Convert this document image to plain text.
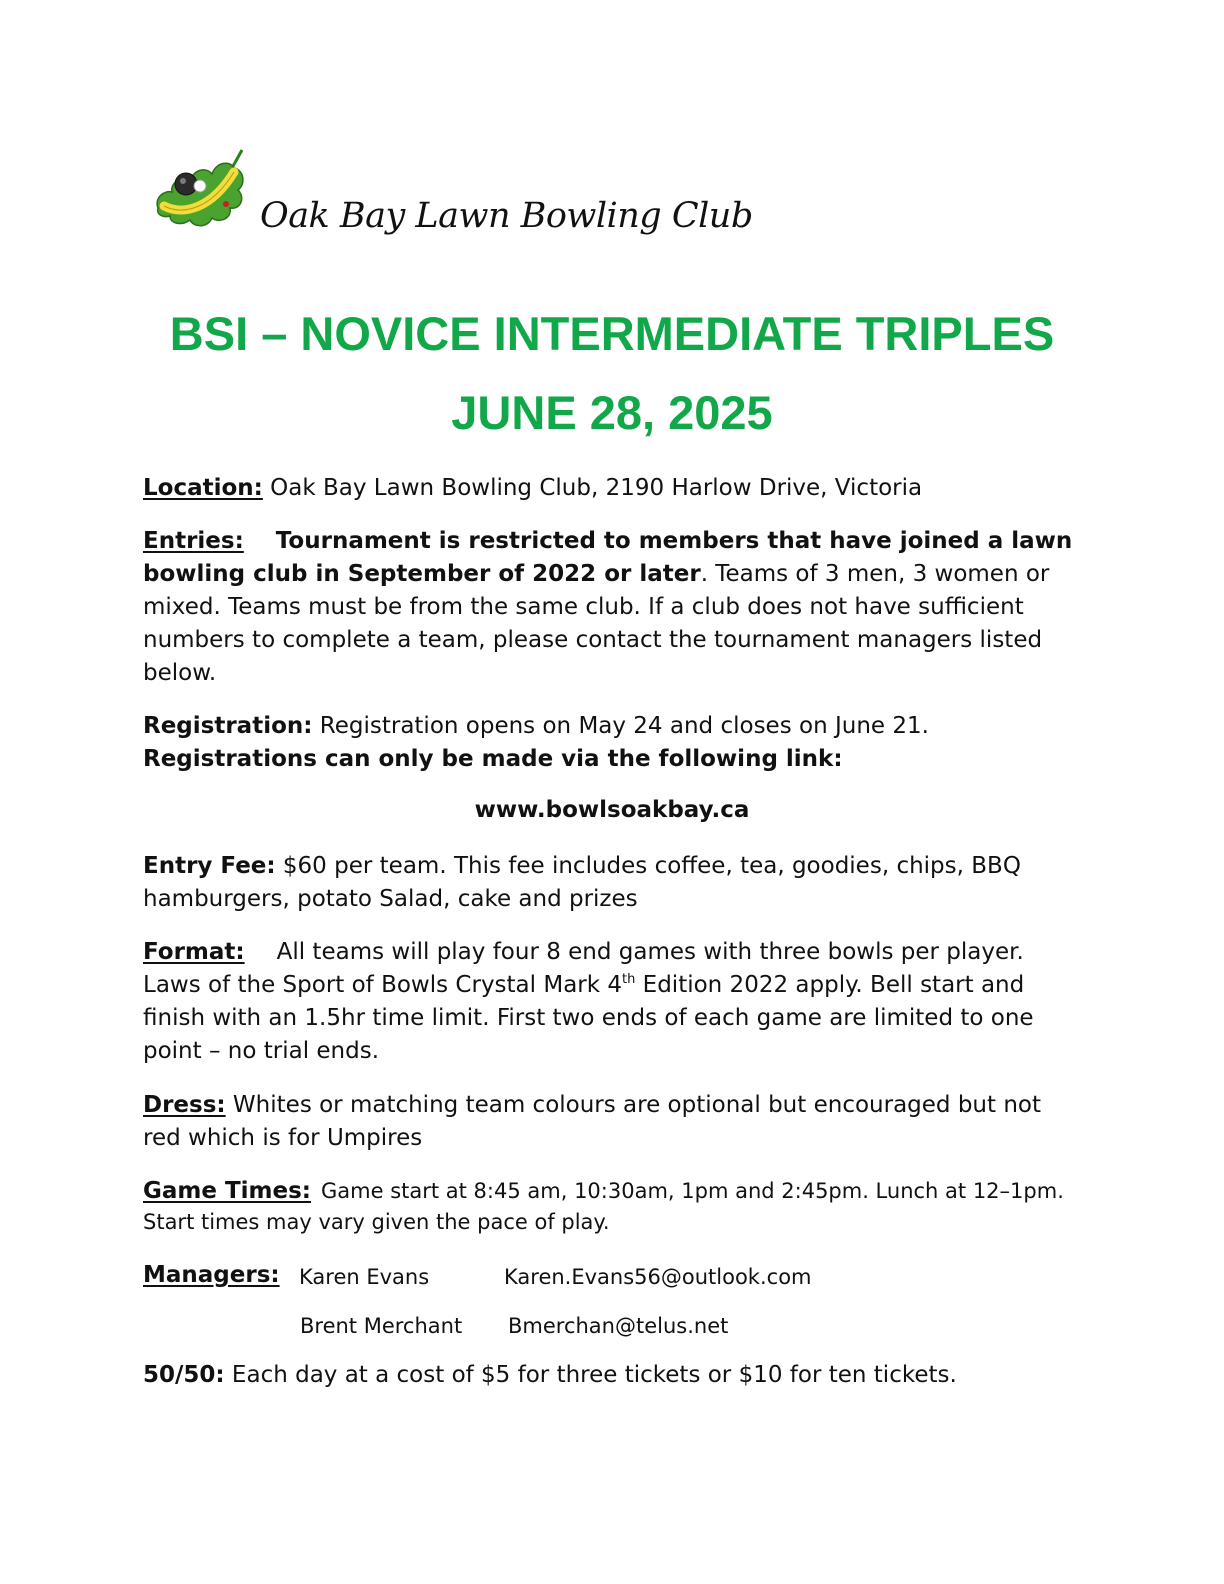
Oak Bay Lawn Bowling Club
BSI – NOVICE INTERMEDIATE TRIPLES
JUNE 28, 2025

Location: Oak Bay Lawn Bowling Club, 2190 Harlow Drive, Victoria

Entries: Tournament is restricted to members that have joined a lawn bowling club in September of 2022 or later. Teams of 3 men, 3 women or mixed. Teams must be from the same club. If a club does not have sufficient numbers to complete a team, please contact the tournament managers listed below.

Registration: Registration opens on May 24 and closes on June 21.
Registrations can only be made via the following link:

www.bowlsoakbay.ca

Entry Fee: $60 per team. This fee includes coffee, tea, goodies, chips, BBQ hamburgers, potato Salad, cake and prizes

Format: All teams will play four 8 end games with three bowls per player. Laws of the Sport of Bowls Crystal Mark 4th Edition 2022 apply. Bell start and finish with an 1.5hr time limit. First two ends of each game are limited to one point – no trial ends.

Dress: Whites or matching team colours are optional but encouraged but not red which is for Umpires

Game Times: Game start at 8:45 am, 10:30am, 1pm and 2:45pm. Lunch at 12–1pm. Start times may vary given the pace of play.

Managers: Karen Evans	Karen.Evans56@outlook.com
Brent Merchant Bmerchan@telus.net

50/50: Each day at a cost of $5 for three tickets or $10 for ten tickets.
